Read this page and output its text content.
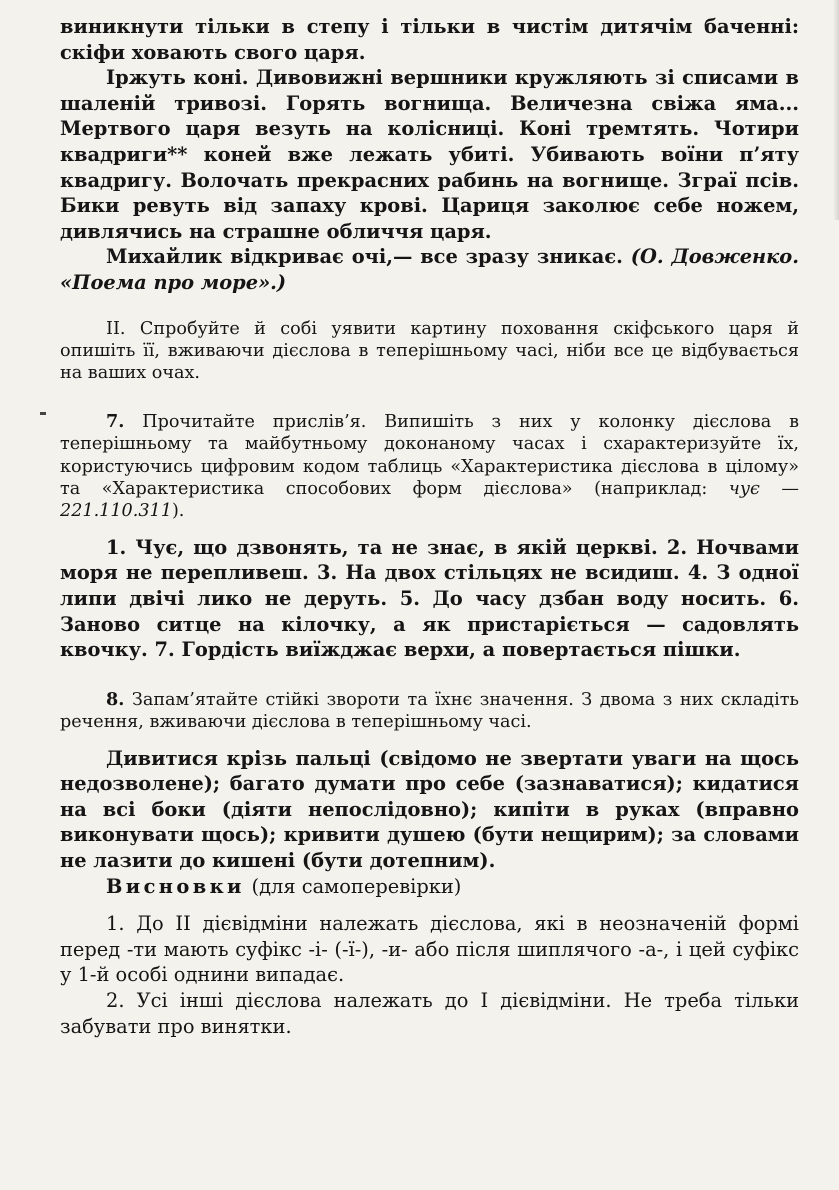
виникнути тільки в степу і тільки в чистім дитячім баченні: скіфи ховають свого царя.

Іржуть коні. Дивовижні вершники кружляють зі списами в шаленій тривозі. Горять вогнища. Величезна свіжа яма... Мертвого царя везуть на колісниці. Коні тремтять. Чотири квадриги** коней вже лежать убиті. Убивають воїни п’яту квадригу. Волочать прекрасних рабинь на вогнище. Зграї псів. Бики ревуть від запаху крові. Цариця заколює себе ножем, дивлячись на страшне обличчя царя.

Михайлик відкриває очі,— все зразу зникає. (О. Довженко. «Поема про море».)

II. Спробуйте й собі уявити картину поховання скіфського царя й опишіть її, вживаючи дієслова в теперішньому часі, ніби все це відбувається на ваших очах.

7. Прочитайте прислів’я. Випишіть з них у колонку дієслова в теперішньому та майбутньому доконаному часах і схарактеризуйте їх, користуючись цифровим кодом таблиць «Характеристика дієслова в цілому» та «Характеристика способових форм дієслова» (наприклад: чує — 221.110.311).

1. Чує, що дзвонять, та не знає, в якій церкві. 2. Ночвами моря не перепливеш. 3. На двох стільцях не всидиш. 4. З одної липи двічі лико не деруть. 5. До часу дзбан воду носить. 6. Заново ситце на кілочку, а як пристаріється — садовлять квочку. 7. Гордість виїжджає верхи, а повертається пішки.

8. Запам’ятайте стійкі звороти та їхнє значення. З двома з них складіть речення, вживаючи дієслова в теперішньому часі.

Дивитися крізь пальці (свідомо не звертати уваги на щось недозволене); багато думати про себе (зазнаватися); кидатися на всі боки (діяти непослідовно); кипіти в руках (вправно виконувати щось); кривити душею (бути нещирим); за словами не лазити до кишені (бути дотепним).

Висновки (для самоперевірки)

1. До II дієвідміни належать дієслова, які в неозначеній формі перед -ти мають суфікс -і- (-ї-), -и- або після шиплячого -а-, і цей суфікс у 1-й особі однини випадає.

2. Усі інші дієслова належать до I дієвідміни. Не треба тільки забувати про винятки.
